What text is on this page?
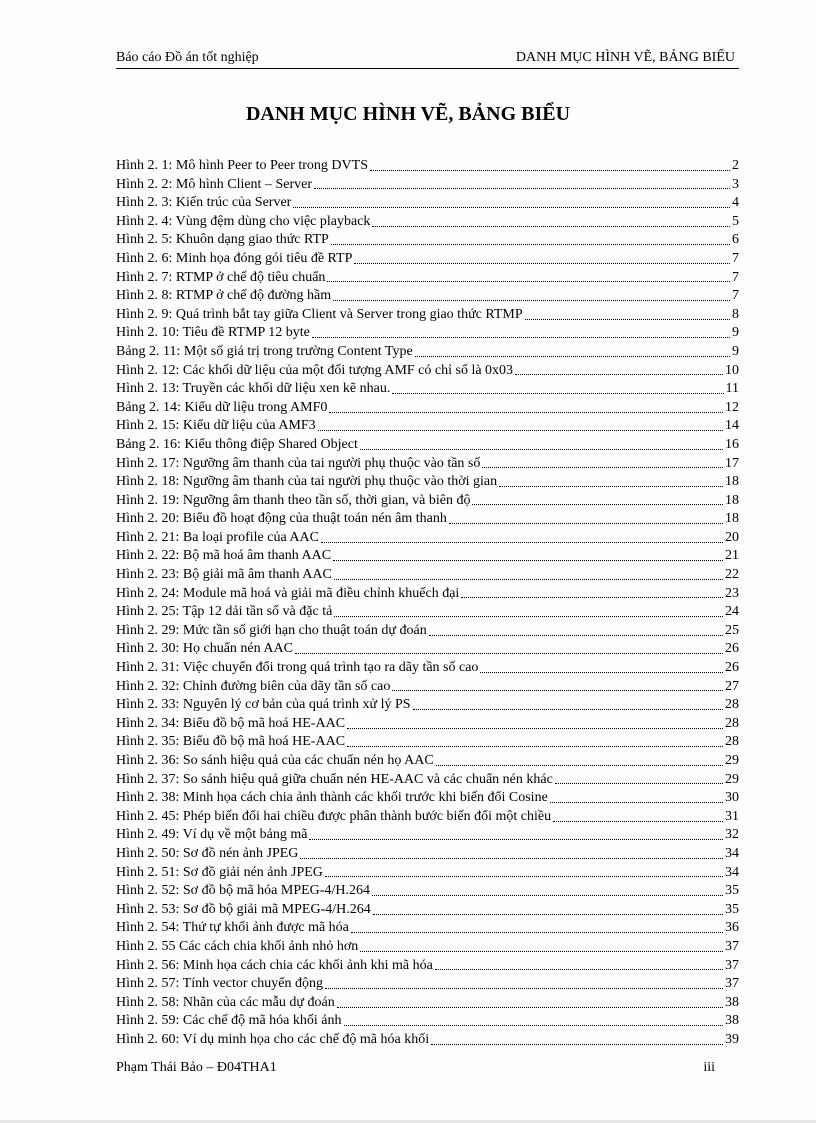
Báo cáo Đồ án tốt nghiệp	DANH MỤC HÌNH VẼ, BẢNG BIỂU
DANH MỤC HÌNH VẼ, BẢNG BIỂU
Hình 2. 1: Mô hình Peer to Peer trong DVTS	2
Hình 2. 2: Mô hình Client – Server	3
Hình 2. 3: Kiến trúc của Server	4
Hình 2. 4: Vùng đệm dùng cho việc playback	5
Hình 2. 5: Khuôn dạng giao thức RTP	6
Hình 2. 6: Minh họa đóng gói tiêu đề RTP	7
Hình 2. 7: RTMP ở chế độ tiêu chuẩn	7
Hình 2. 8: RTMP ở chế độ đường hầm	7
Hình 2. 9: Quá trình bắt tay giữa Client và Server trong giao thức RTMP	8
Hình 2. 10: Tiêu đề RTMP 12 byte	9
Bảng 2. 11: Một số giá trị trong trường Content Type	9
Hình 2. 12: Các khối dữ liệu của một đối tượng AMF có chỉ số là 0x03	10
Hình 2. 13: Truyền các khối dữ liệu xen kẽ nhau.	11
Bảng 2. 14: Kiểu dữ liệu trong AMF0	12
Hình 2. 15: Kiểu dữ liệu của AMF3	14
Bảng 2. 16: Kiểu thông điệp Shared Object	16
Hình 2. 17: Ngưỡng âm thanh của tai người phụ thuộc vào tần số	17
Hình 2. 18: Ngưỡng âm thanh của tai người phụ thuộc vào thời gian	18
Hình 2. 19: Ngưỡng âm thanh theo tần số, thời gian, và biên độ	18
Hình 2. 20: Biểu đồ hoạt động của thuật toán nén âm thanh	18
Hình 2. 21: Ba loại profile của AAC	20
Hình 2. 22: Bộ mã hoá âm thanh AAC	21
Hình 2. 23: Bộ giải mã âm thanh AAC	22
Hình 2. 24: Module mã hoá và giải mã điều chỉnh khuếch đại	23
Hình 2. 25: Tập 12 dải tần số và đặc tả	24
Hình 2. 29: Mức tần số giới hạn cho thuật toán dự đoán	25
Hình 2. 30: Họ chuẩn nén AAC	26
Hình 2. 31: Việc chuyển đổi trong quá trình tạo ra dãy tần số cao	26
Hình 2. 32: Chỉnh đường biên của dãy tần số cao	27
Hình 2. 33: Nguyên lý cơ bản của quá trình xử lý PS	28
Hình 2. 34: Biểu đồ bộ mã hoá HE-AAC	28
Hình 2. 35: Biểu đồ bộ mã hoá HE-AAC	28
Hình 2. 36: So sánh hiệu quả của các chuẩn nén họ AAC	29
Hình 2. 37: So sánh hiệu quả giữa chuẩn nén HE-AAC và các chuẩn nén khác	29
Hình 2. 38: Minh họa cách chia ảnh thành các khối trước khi biến đổi Cosine	30
Hình 2. 45: Phép biến đổi hai chiều được phân thành bước biến đổi một chiều	31
Hình 2. 49: Ví dụ về một bảng mã	32
Hình 2. 50: Sơ đồ nén ảnh JPEG	34
Hình 2. 51: Sơ đồ giải nén ảnh JPEG	34
Hình 2. 52: Sơ đồ bộ mã hóa MPEG-4/H.264	35
Hình 2. 53: Sơ đồ bộ giải mã MPEG-4/H.264	35
Hình 2. 54: Thứ tự khối ảnh được mã hóa	36
Hình 2. 55 Các cách chia khối ảnh nhỏ hơn	37
Hình 2. 56: Minh họa cách chia các khối ảnh khi mã hóa	37
Hình 2. 57: Tính vector chuyển động	37
Hình 2. 58: Nhãn của các mẫu dự đoán	38
Hình 2. 59: Các chế độ mã hóa khối ảnh	38
Hình 2. 60: Ví dụ minh họa cho các chế độ mã hóa khối	39
Phạm Thái Bảo – Đ04THA1	iii
